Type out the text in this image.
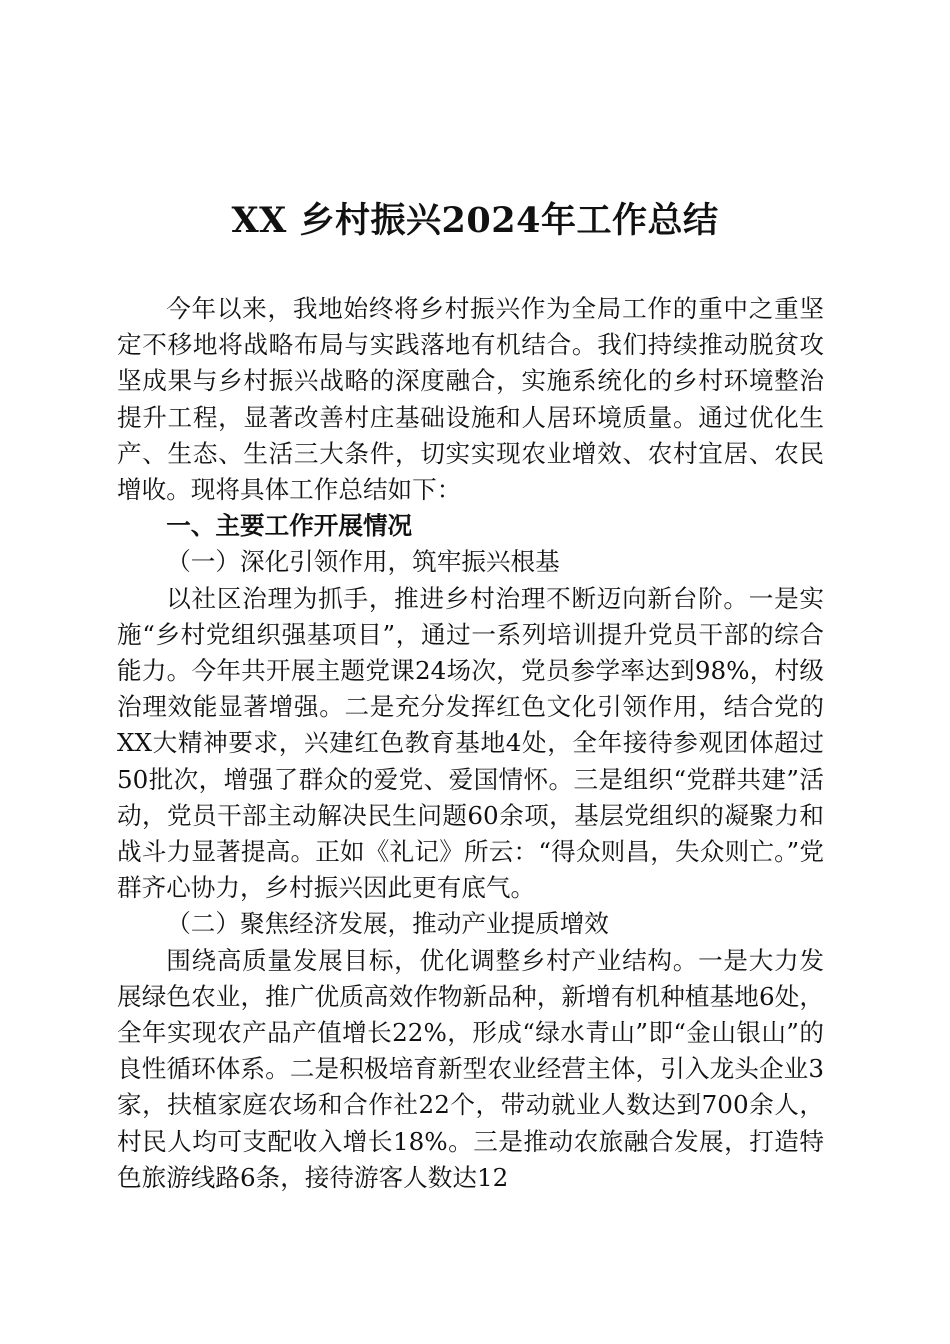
XX 乡村振兴2024年工作总结

今年以来，我地始终将乡村振兴作为全局工作的重中之重坚定不移地将战略布局与实践落地有机结合。我们持续推动脱贫攻坚成果与乡村振兴战略的深度融合，实施系统化的乡村环境整治提升工程，显著改善村庄基础设施和人居环境质量。通过优化生产、生态、生活三大条件，切实实现农业增效、农村宜居、农民增收。现将具体工作总结如下：

一、主要工作开展情况

（一）深化引领作用，筑牢振兴根基

以社区治理为抓手，推进乡村治理不断迈向新台阶。一是实施“乡村党组织强基项目”，通过一系列培训提升党员干部的综合能力。今年共开展主题党课24场次，党员参学率达到98%，村级治理效能显著增强。二是充分发挥红色文化引领作用，结合党的XX大精神要求，兴建红色教育基地4处，全年接待参观团体超过50批次，增强了群众的爱党、爱国情怀。三是组织“党群共建”活动，党员干部主动解决民生问题60余项，基层党组织的凝聚力和战斗力显著提高。正如《礼记》所云：“得众则昌，失众则亡。”党群齐心协力，乡村振兴因此更有底气。

（二）聚焦经济发展，推动产业提质增效

围绕高质量发展目标，优化调整乡村产业结构。一是大力发展绿色农业，推广优质高效作物新品种，新增有机种植基地6处，全年实现农产品产值增长22%，形成“绿水青山”即“金山银山”的良性循环体系。二是积极培育新型农业经营主体，引入龙头企业3家，扶植家庭农场和合作社22个，带动就业人数达到700余人，村民人均可支配收入增长18%。三是推动农旅融合发展，打造特色旅游线路6条，接待游客人数达12
